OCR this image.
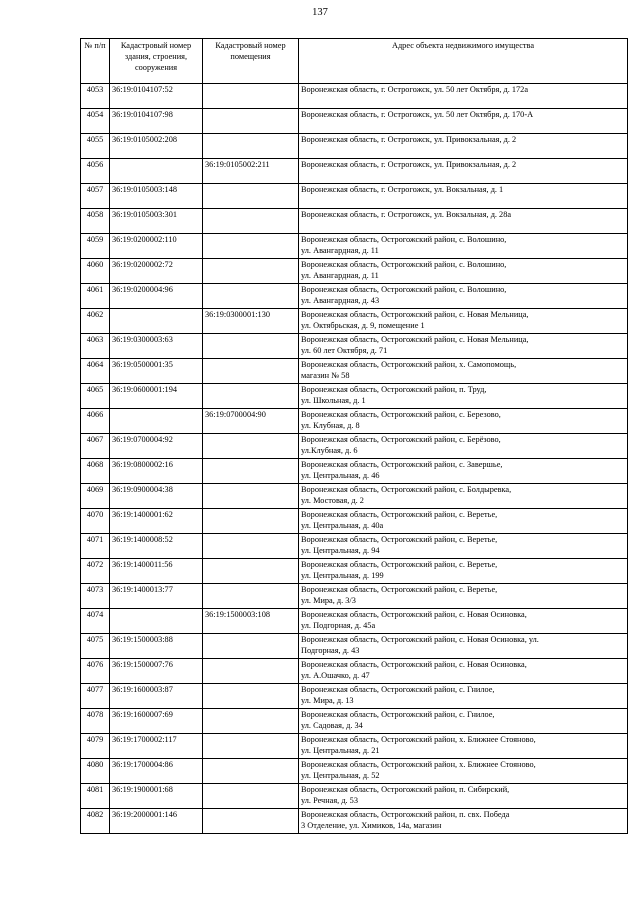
137
№ п/п	Кадастровый номер здания, строения, сооружения	Кадастровый номер помещения	Адрес объекта недвижимого имущества
4053	36:19:0104107:52		Воронежская область, г. Острогожск, ул. 50 лет Октября, д. 172а

4054	36:19:0104107:98		Воронежская область, г. Острогожск, ул. 50 лет Октября, д. 170-А

4055	36:19:0105002:208		Воронежская область, г. Острогожск, ул. Привокзальная, д. 2

4056		36:19:0105002:211	Воронежская область, г. Острогожск, ул. Привокзальная, д. 2

4057	36:19:0105003:148		Воронежская область, г. Острогожск, ул. Вокзальная, д. 1

4058	36:19:0105003:301		Воронежская область, г. Острогожск, ул. Вокзальная, д. 28а

4059	36:19:0200002:110		Воронежская область, Острогожский район, с. Волошино,
ул. Авангардная, д. 11

4060	36:19:0200002:72		Воронежская область, Острогожский район, с. Волошино,
ул. Авангардная, д. 11

4061	36:19:0200004:96		Воронежская область, Острогожский район, с. Волошино,
ул. Авангардная, д. 43

4062		36:19:0300001:130	Воронежская область, Острогожский район, с. Новая Мельница,
ул. Октябрьская, д. 9, помещение 1

4063	36:19:0300003:63		Воронежская область, Острогожский район, с. Новая Мельница,
ул. 60 лет Октября, д. 71

4064	36:19:0500001:35		Воронежская область, Острогожский район, х. Самопомощь,
магазин № 58

4065	36:19:0600001:194		Воронежская область, Острогожский район, п. Труд,
ул. Школьная, д. 1

4066		36:19:0700004:90	Воронежская область, Острогожский район, с. Березово,
ул. Клубная, д. 8

4067	36:19:0700004:92		Воронежская область, Острогожский район, с. Берёзово,
ул.Клубная, д. 6

4068	36:19:0800002:16		Воронежская область, Острогожский район, с. Завершье,
ул. Центральная, д. 46

4069	36:19:0900004:38		Воронежская область, Острогожский район, с. Болдыревка,
ул. Мостовая, д. 2

4070	36:19:1400001:62		Воронежская область, Острогожский район, с. Веретье,
ул. Центральная, д. 40а

4071	36:19:1400008:52		Воронежская область, Острогожский район, с. Веретье,
ул. Центральная, д. 94

4072	36:19:1400011:56		Воронежская область, Острогожский район, с. Веретье,
ул. Центральная, д. 199

4073	36:19:1400013:77		Воронежская область, Острогожский район, с. Веретье,
ул. Мира, д. 3/3

4074		36:19:1500003:108	Воронежская область, Острогожский район, с. Новая Осиновка,
ул. Подгорная, д. 45а

4075	36:19:1500003:88		Воронежская область, Острогожский район, с. Новая Осиновка, ул.
Подгорная, д. 43

4076	36:19:1500007:76		Воронежская область, Острогожский район, с. Новая Осиновка,
ул. А.Ошачко, д. 47

4077	36:19:1600003:87		Воронежская область, Острогожский район, с. Гнилое,
ул. Мира, д. 13

4078	36:19:1600007:69		Воронежская область, Острогожский район, с. Гнилое,
ул. Садовая, д. 34

4079	36:19:1700002:117		Воронежская область, Острогожский район, х. Ближнее Стояново,
ул. Центральная, д. 21

4080	36:19:1700004:86		Воронежская область, Острогожский район, х. Ближнее Стояново,
ул. Центральная, д. 52

4081	36:19:1900001:68		Воронежская область, Острогожский район, п. Сибирский,
ул. Речная, д. 53

4082	36:19:2000001:146		Воронежская область, Острогожский район, п. свх. Победа
3 Отделение, ул. Химиков, 14а, магазин
